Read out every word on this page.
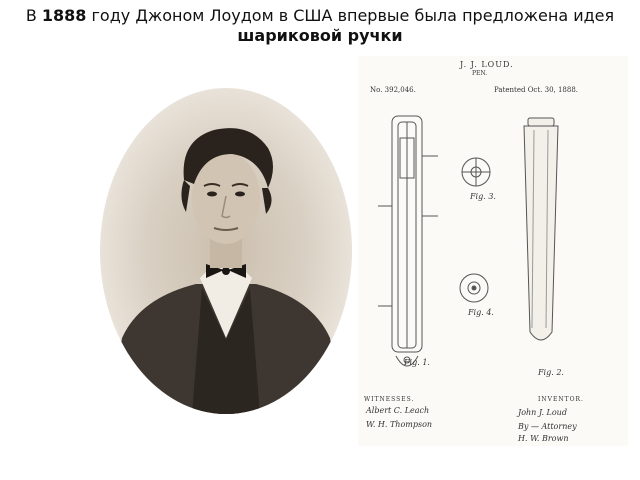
В 1888 году Джоном Лоудом в США впервые была предложена идея
шариковой ручки
J. J. LOUD.
PEN.
No. 392,046.	Patented Oct. 30, 1888.
Fig. 3.
Fig. 4.
Fig. 1.
Fig. 2.
WITNESSES.	INVENTOR.
Albert C. Leach
W. H. Thompson
John J. Loud
By — Attorney
H. W. Brown
